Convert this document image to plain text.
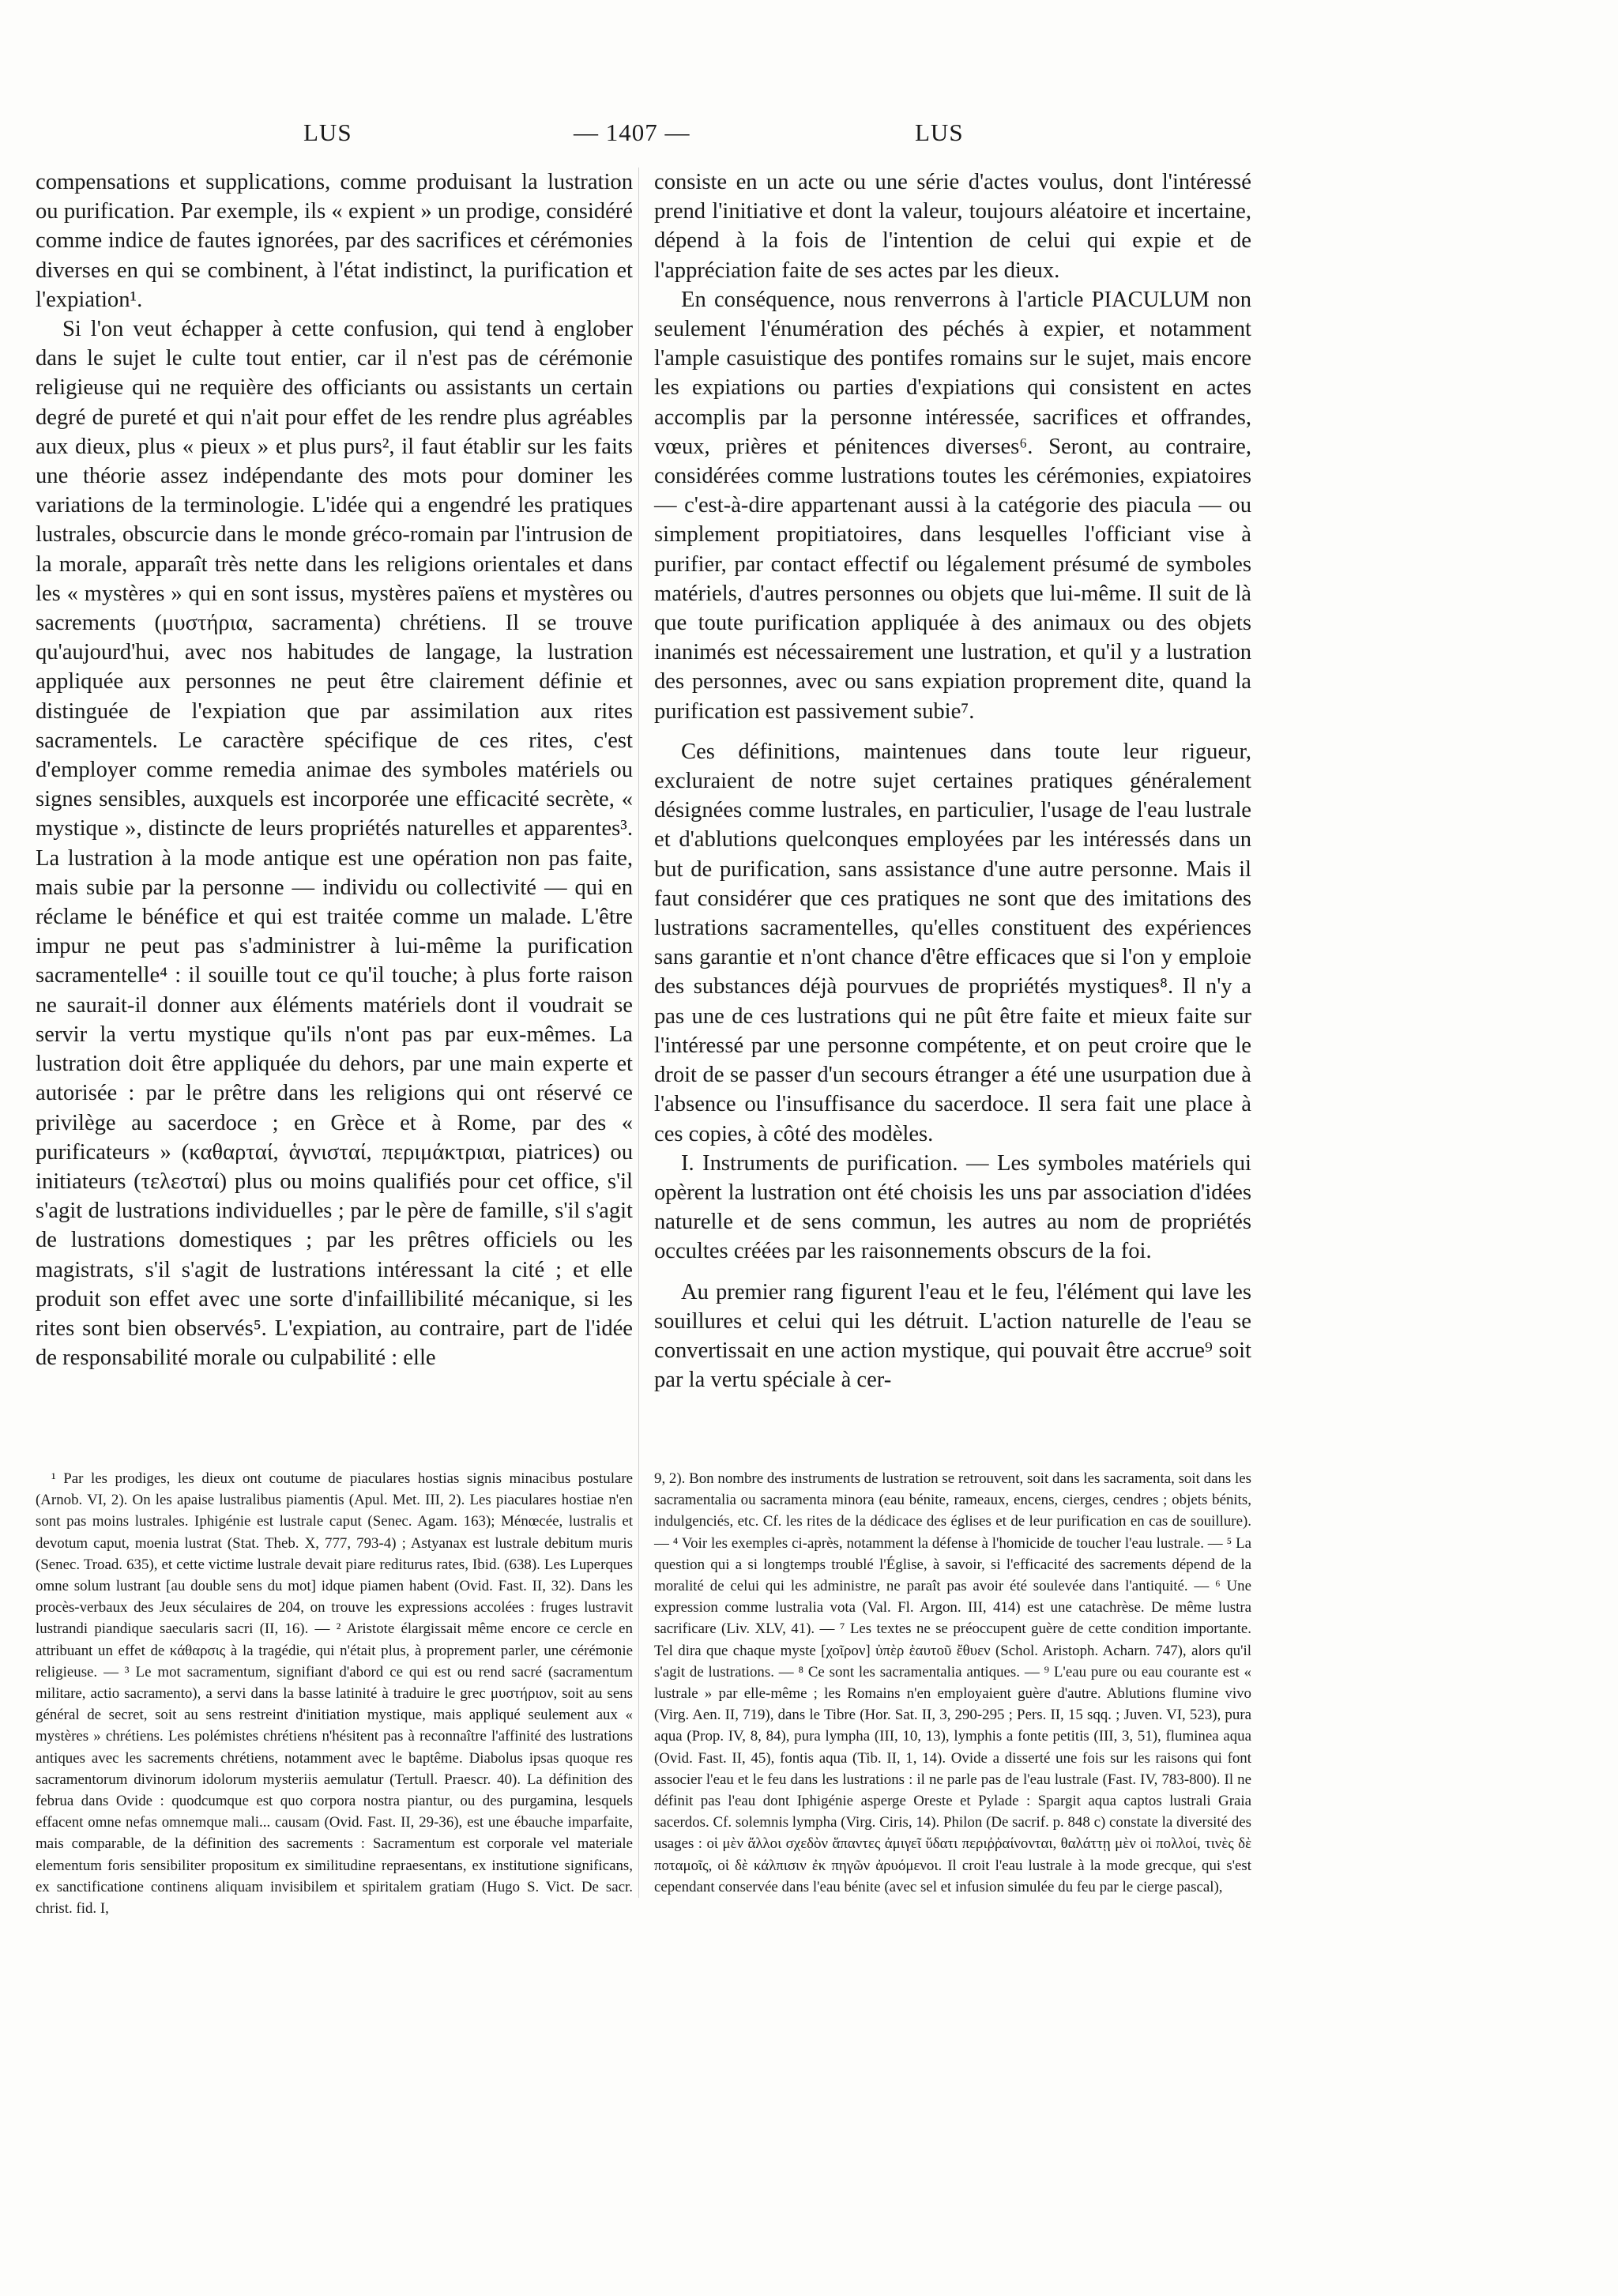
LUS	— 1407 —	LUS

compensations et supplications, comme produisant la lustration ou purification. Par exemple, ils « expient » un prodige, considéré comme indice de fautes ignorées, par des sacrifices et cérémonies diverses en qui se combinent, à l'état indistinct, la purification et l'expiation¹.

Si l'on veut échapper à cette confusion, qui tend à englober dans le sujet le culte tout entier, car il n'est pas de cérémonie religieuse qui ne requière des officiants ou assistants un certain degré de pureté et qui n'ait pour effet de les rendre plus agréables aux dieux, plus « pieux » et plus purs², il faut établir sur les faits une théorie assez indépendante des mots pour dominer les variations de la terminologie. L'idée qui a engendré les pratiques lustrales, obscurcie dans le monde gréco-romain par l'intrusion de la morale, apparaît très nette dans les religions orientales et dans les « mystères » qui en sont issus, mystères païens et mystères ou sacrements (μυστήρια, sacramenta) chrétiens. Il se trouve qu'aujourd'hui, avec nos habitudes de langage, la lustration appliquée aux personnes ne peut être clairement définie et distinguée de l'expiation que par assimilation aux rites sacramentels. Le caractère spécifique de ces rites, c'est d'employer comme remedia animae des symboles matériels ou signes sensibles, auxquels est incorporée une efficacité secrète, « mystique », distincte de leurs propriétés naturelles et apparentes³. La lustration à la mode antique est une opération non pas faite, mais subie par la personne — individu ou collectivité — qui en réclame le bénéfice et qui est traitée comme un malade. L'être impur ne peut pas s'administrer à lui-même la purification sacramentelle⁴ : il souille tout ce qu'il touche; à plus forte raison ne saurait-il donner aux éléments matériels dont il voudrait se servir la vertu mystique qu'ils n'ont pas par eux-mêmes. La lustration doit être appliquée du dehors, par une main experte et autorisée : par le prêtre dans les religions qui ont réservé ce privilège au sacerdoce ; en Grèce et à Rome, par des « purificateurs » (καθαρταί, ἁγνισταί, περιμάκτριαι, piatrices) ou initiateurs (τελεσταί) plus ou moins qualifiés pour cet office, s'il s'agit de lustrations individuelles ; par le père de famille, s'il s'agit de lustrations domestiques ; par les prêtres officiels ou les magistrats, s'il s'agit de lustrations intéressant la cité ; et elle produit son effet avec une sorte d'infaillibilité mécanique, si les rites sont bien observés⁵. L'expiation, au contraire, part de l'idée de responsabilité morale ou culpabilité : elle

consiste en un acte ou une série d'actes voulus, dont l'intéressé prend l'initiative et dont la valeur, toujours aléatoire et incertaine, dépend à la fois de l'intention de celui qui expie et de l'appréciation faite de ses actes par les dieux.

En conséquence, nous renverrons à l'article PIACULUM non seulement l'énumération des péchés à expier, et notamment l'ample casuistique des pontifes romains sur le sujet, mais encore les expiations ou parties d'expiations qui consistent en actes accomplis par la personne intéressée, sacrifices et offrandes, vœux, prières et pénitences diverses⁶. Seront, au contraire, considérées comme lustrations toutes les cérémonies, expiatoires — c'est-à-dire appartenant aussi à la catégorie des piacula — ou simplement propitiatoires, dans lesquelles l'officiant vise à purifier, par contact effectif ou légalement présumé de symboles matériels, d'autres personnes ou objets que lui-même. Il suit de là que toute purification appliquée à des animaux ou des objets inanimés est nécessairement une lustration, et qu'il y a lustration des personnes, avec ou sans expiation proprement dite, quand la purification est passivement subie⁷.

Ces définitions, maintenues dans toute leur rigueur, excluraient de notre sujet certaines pratiques généralement désignées comme lustrales, en particulier, l'usage de l'eau lustrale et d'ablutions quelconques employées par les intéressés dans un but de purification, sans assistance d'une autre personne. Mais il faut considérer que ces pratiques ne sont que des imitations des lustrations sacramentelles, qu'elles constituent des expériences sans garantie et n'ont chance d'être efficaces que si l'on y emploie des substances déjà pourvues de propriétés mystiques⁸. Il n'y a pas une de ces lustrations qui ne pût être faite et mieux faite sur l'intéressé par une personne compétente, et on peut croire que le droit de se passer d'un secours étranger a été une usurpation due à l'absence ou l'insuffisance du sacerdoce. Il sera fait une place à ces copies, à côté des modèles.

I. Instruments de purification. — Les symboles matériels qui opèrent la lustration ont été choisis les uns par association d'idées naturelle et de sens commun, les autres au nom de propriétés occultes créées par les raisonnements obscurs de la foi.

Au premier rang figurent l'eau et le feu, l'élément qui lave les souillures et celui qui les détruit. L'action naturelle de l'eau se convertissait en une action mystique, qui pouvait être accrue⁹ soit par la vertu spéciale à cer-

¹ Par les prodiges, les dieux ont coutume de piaculares hostias signis minacibus postulare (Arnob. VI, 2). On les apaise lustralibus piamentis (Apul. Met. III, 2). Les piaculares hostiae n'en sont pas moins lustrales. Iphigénie est lustrale caput (Senec. Agam. 163); Ménœcée, lustralis et devotum caput, moenia lustrat (Stat. Theb. X, 777, 793-4) ; Astyanax est lustrale debitum muris (Senec. Troad. 635), et cette victime lustrale devait piare rediturus rates, Ibid. (638). Les Luperques omne solum lustrant [au double sens du mot] idque piamen habent (Ovid. Fast. II, 32). Dans les procès-verbaux des Jeux séculaires de 204, on trouve les expressions accolées : fruges lustravit lustrandi piandique saecularis sacri (II, 16). — ² Aristote élargissait même encore ce cercle en attribuant un effet de κάθαρσις à la tragédie, qui n'était plus, à proprement parler, une cérémonie religieuse. — ³ Le mot sacramentum, signifiant d'abord ce qui est ou rend sacré (sacramentum militare, actio sacramento), a servi dans la basse latinité à traduire le grec μυστήριον, soit au sens général de secret, soit au sens restreint d'initiation mystique, mais appliqué seulement aux « mystères » chrétiens. Les polémistes chrétiens n'hésitent pas à reconnaître l'affinité des lustrations antiques avec les sacrements chrétiens, notamment avec le baptême. Diabolus ipsas quoque res sacramentorum divinorum idolorum mysteriis aemulatur (Tertull. Praescr. 40). La définition des februa dans Ovide : quodcumque est quo corpora nostra piantur, ou des purgamina, lesquels effacent omne nefas omnemque mali... causam (Ovid. Fast. II, 29-36), est une ébauche imparfaite, mais comparable, de la définition des sacrements : Sacramentum est corporale vel materiale elementum foris sensibiliter propositum ex similitudine repraesentans, ex institutione significans, ex sanctificatione continens aliquam invisibilem et spiritalem gratiam (Hugo S. Vict. De sacr. christ. fid. I,

9, 2). Bon nombre des instruments de lustration se retrouvent, soit dans les sacramenta, soit dans les sacramentalia ou sacramenta minora (eau bénite, rameaux, encens, cierges, cendres ; objets bénits, indulgenciés, etc. Cf. les rites de la dédicace des églises et de leur purification en cas de souillure). — ⁴ Voir les exemples ci-après, notamment la défense à l'homicide de toucher l'eau lustrale. — ⁵ La question qui a si longtemps troublé l'Église, à savoir, si l'efficacité des sacrements dépend de la moralité de celui qui les administre, ne paraît pas avoir été soulevée dans l'antiquité. — ⁶ Une expression comme lustralia vota (Val. Fl. Argon. III, 414) est une catachrèse. De même lustra sacrificare (Liv. XLV, 41). — ⁷ Les textes ne se préoccupent guère de cette condition importante. Tel dira que chaque myste [χοῖρον] ὑπὲρ ἑαυτοῦ ἔθυεν (Schol. Aristoph. Acharn. 747), alors qu'il s'agit de lustrations. — ⁸ Ce sont les sacramentalia antiques. — ⁹ L'eau pure ou eau courante est « lustrale » par elle-même ; les Romains n'en employaient guère d'autre. Ablutions flumine vivo (Virg. Aen. II, 719), dans le Tibre (Hor. Sat. II, 3, 290-295 ; Pers. II, 15 sqq. ; Juven. VI, 523), pura aqua (Prop. IV, 8, 84), pura lympha (III, 10, 13), lymphis a fonte petitis (III, 3, 51), fluminea aqua (Ovid. Fast. II, 45), fontis aqua (Tib. II, 1, 14). Ovide a disserté une fois sur les raisons qui font associer l'eau et le feu dans les lustrations : il ne parle pas de l'eau lustrale (Fast. IV, 783-800). Il ne définit pas l'eau dont Iphigénie asperge Oreste et Pylade : Spargit aqua captos lustrali Graia sacerdos. Cf. solemnis lympha (Virg. Ciris, 14). Philon (De sacrif. p. 848 c) constate la diversité des usages : οἱ μὲν ἄλλοι σχεδὸν ἅπαντες ἀμιγεῖ ὕδατι περιῤῥαίνονται, θαλάττῃ μὲν οἱ πολλοί, τινὲς δὲ ποταμοῖς, οἱ δὲ κάλπισιν ἐκ πηγῶν ἀρυόμενοι. Il croit l'eau lustrale à la mode grecque, qui s'est cependant conservée dans l'eau bénite (avec sel et infusion simulée du feu par le cierge pascal),
